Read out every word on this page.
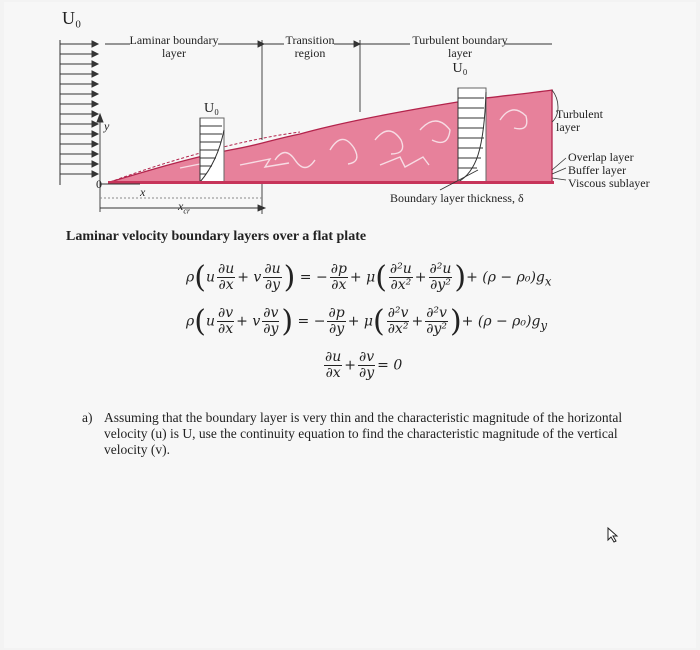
U₀
Laminar boundary
layer
Transition
region
Turbulent boundary
layer
U₀
U₀	Turbulent
layer
Overlap layer
Buffer layer
Viscous sublayer
Boundary layer thickness, δ
y
x
0
$x_{cr}$
Laminar velocity boundary layers over a flat plate
$\rho(u \frac{\partial u}{\partial x} + v \frac{\partial u}{\partial y}$ ) = − $\frac{\partial p}{\partial x} + \mu( \frac{\text{∂²u}}{\text{∂x²}} + \frac{\text{∂²u}}{\text{∂y²}}$ )+ $(\rho - \rho_0)g_x$
$\rho(u \frac{\partial v}{\partial x} + v \frac{\partial v}{\partial y}$ ) = − $\frac{\partial p}{\partial y} + \mu( \frac{\text{∂²v}}{\text{∂x²}} + \frac{\text{∂²v}}{\text{∂y²}}$ )+ $(\rho - \rho_0)g_y$
$\frac{\partial u}{\partial x} + \frac{\partial v}{\partial y} = 0$
a) Assuming that the boundary layer is very thin and the characteristic magnitude of the horizontal velocity (u) is U, use the continuity equation to find the characteristic magnitude of the vertical velocity (v).
